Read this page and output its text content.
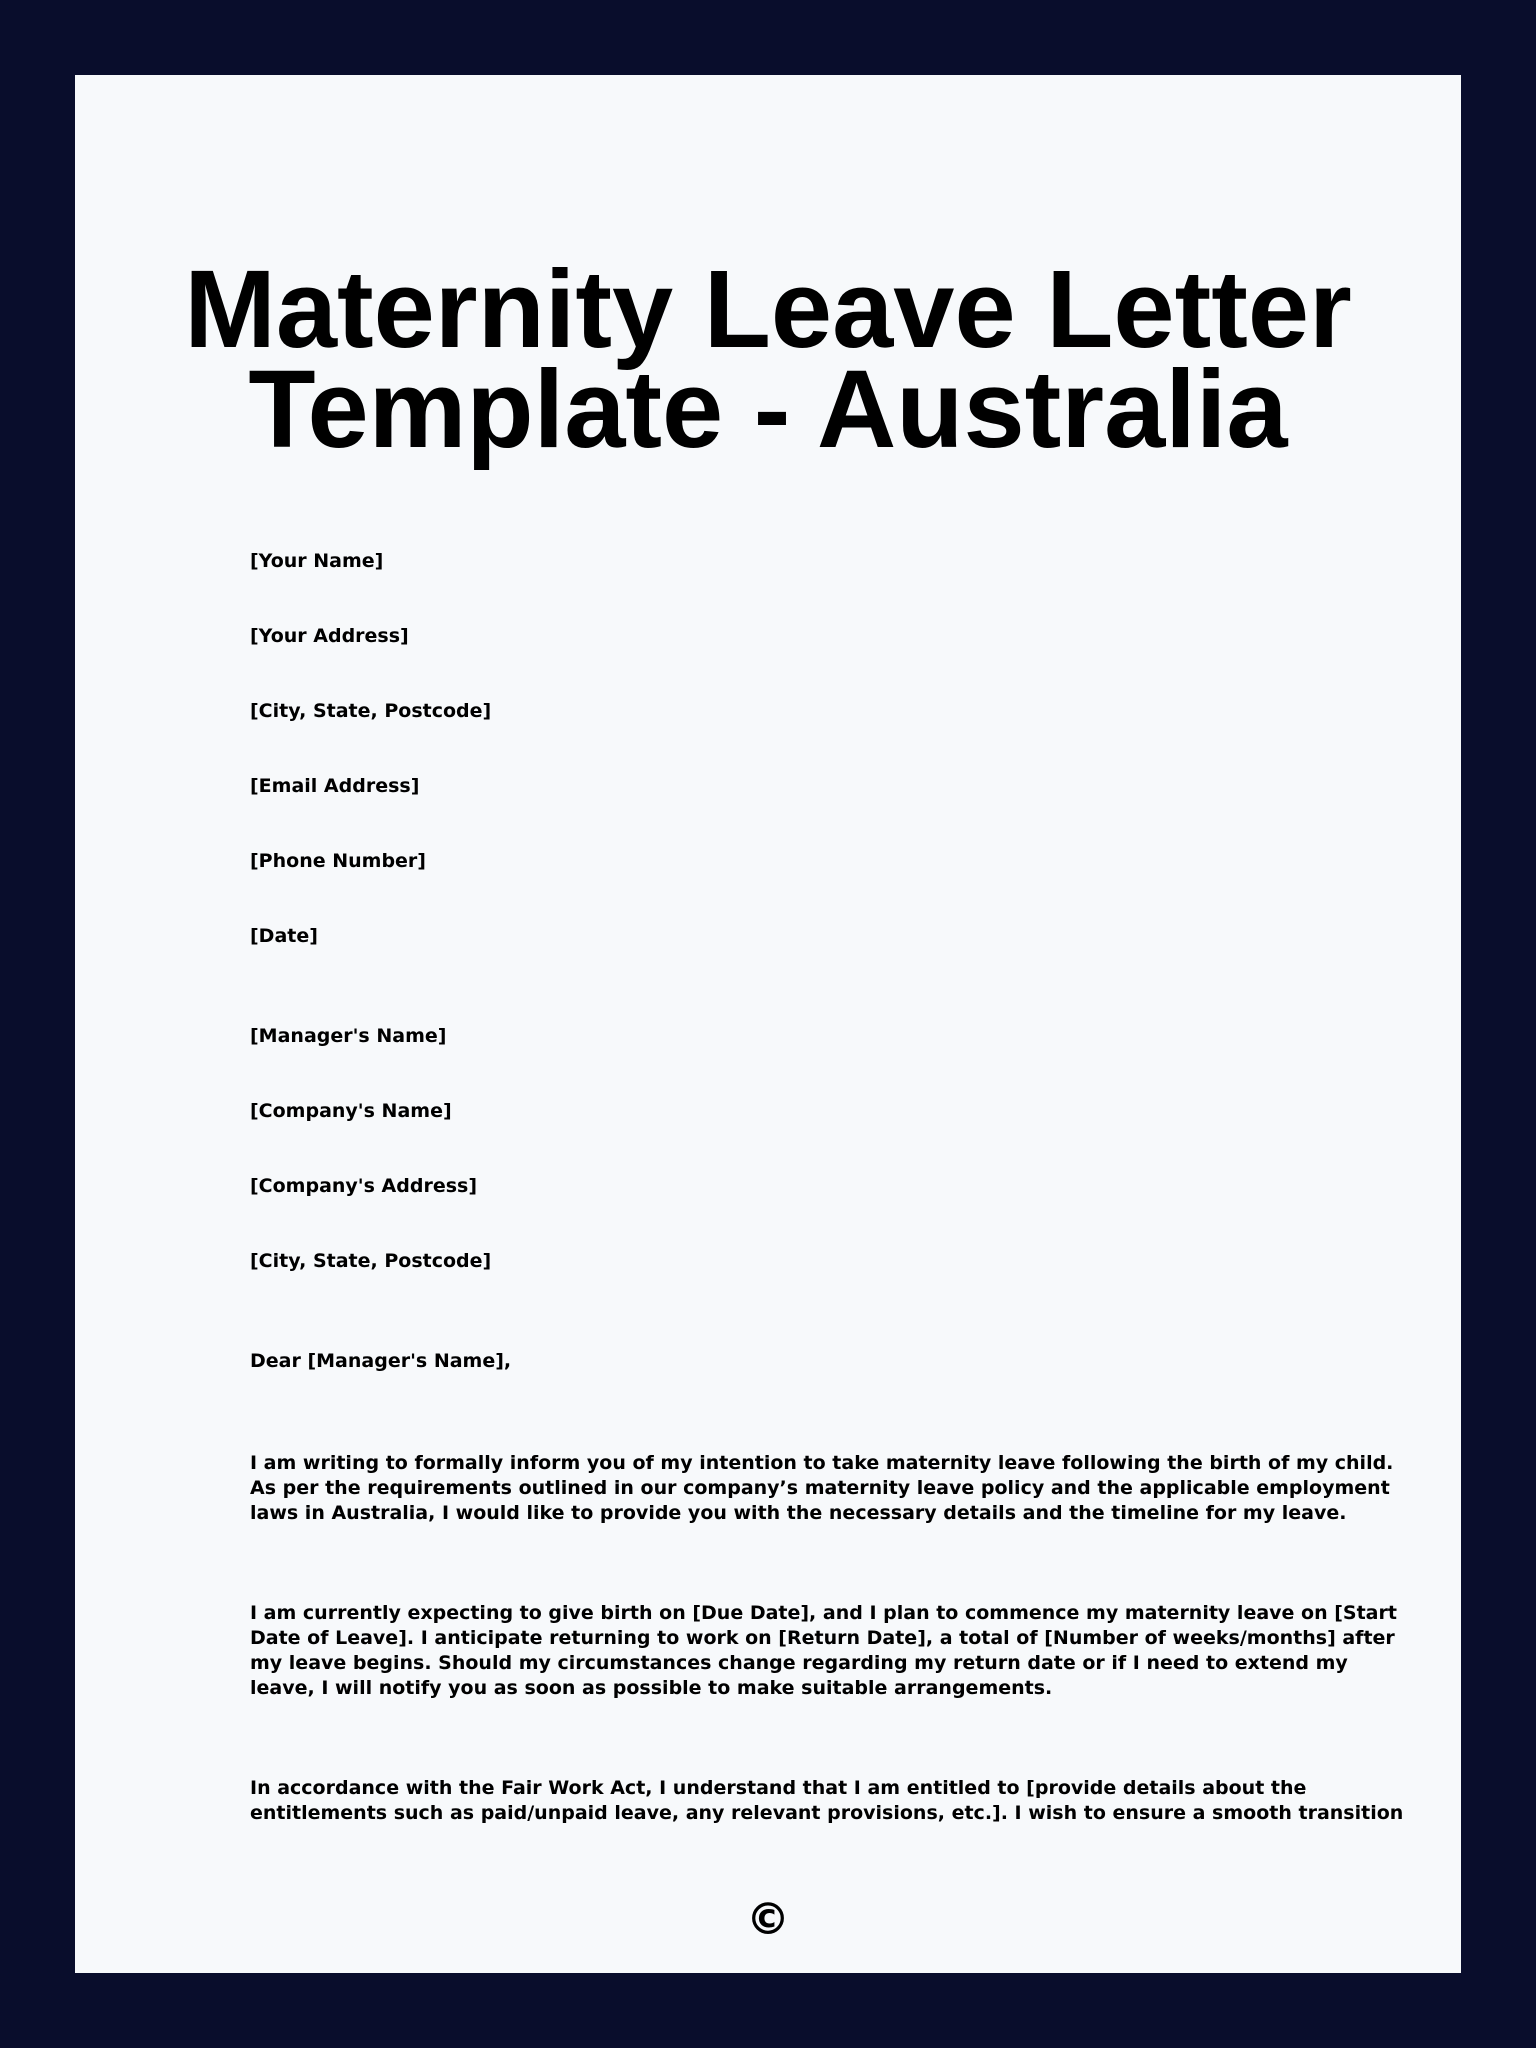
Maternity Leave Letter
Template - Australia
[Your Name]
[Your Address]
[City, State, Postcode]
[Email Address]
[Phone Number]
[Date]
[Manager's Name]
[Company's Name]
[Company's Address]
[City, State, Postcode]
Dear [Manager's Name],

I am writing to formally inform you of my intention to take maternity leave following the birth of my child.
As per the requirements outlined in our company’s maternity leave policy and the applicable employment
laws in Australia, I would like to provide you with the necessary details and the timeline for my leave.

I am currently expecting to give birth on [Due Date], and I plan to commence my maternity leave on [Start
Date of Leave]. I anticipate returning to work on [Return Date], a total of [Number of weeks/months] after
my leave begins. Should my circumstances change regarding my return date or if I need to extend my
leave, I will notify you as soon as possible to make suitable arrangements.

In accordance with the Fair Work Act, I understand that I am entitled to [provide details about the
entitlements such as paid/unpaid leave, any relevant provisions, etc.]. I wish to ensure a smooth transition

©
